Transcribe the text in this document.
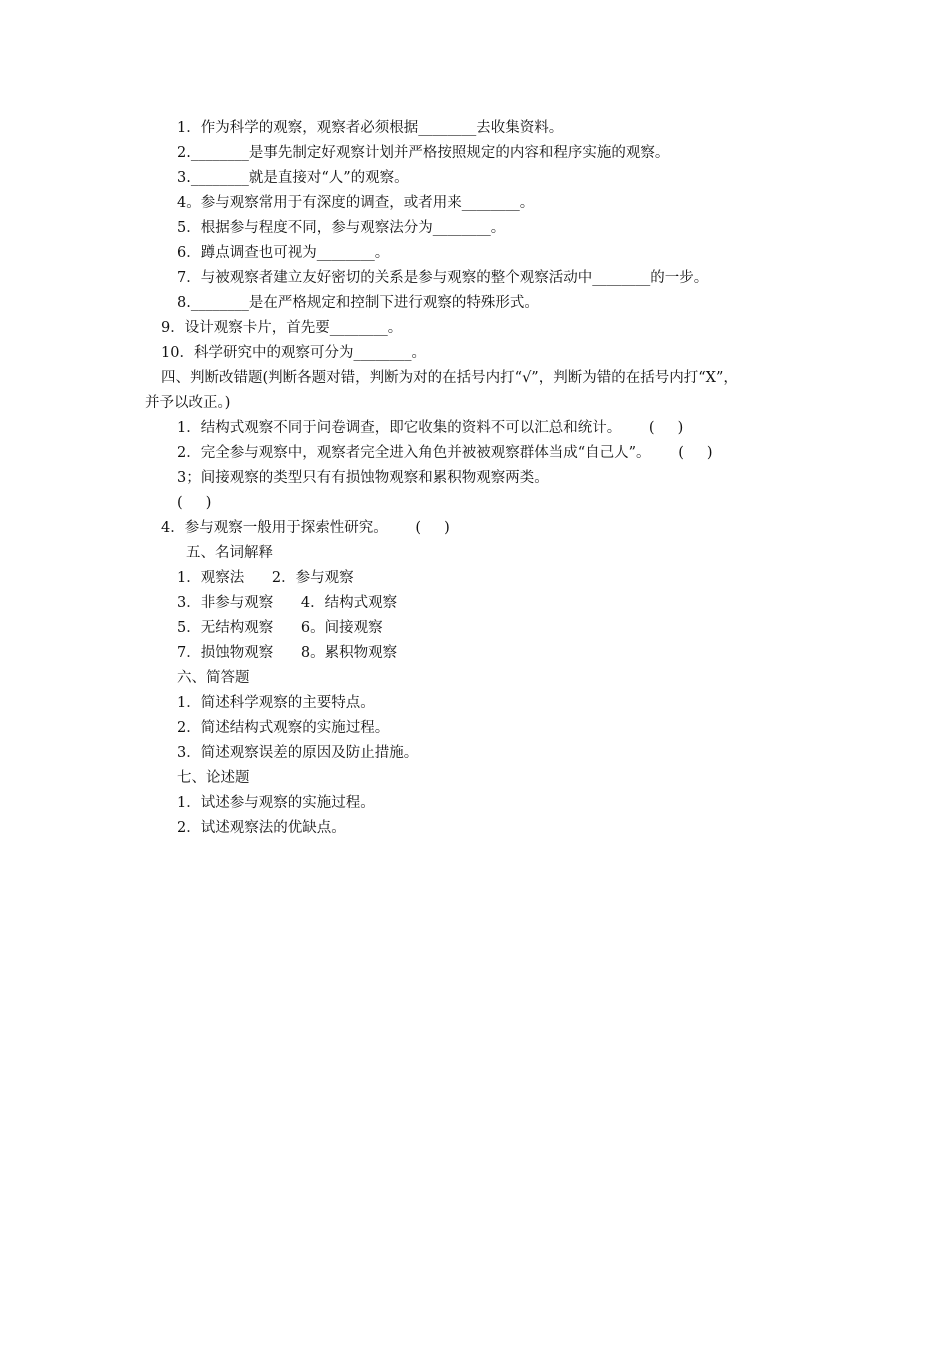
1．作为科学的观察，观察者必须根据________去收集资料。
2.________是事先制定好观察计划并严格按照规定的内容和程序实施的观察。
3.________就是直接对“人”的观察。
4。参与观察常用于有深度的调查，或者用来________。
5．根据参与程度不同，参与观察法分为________。
6．蹲点调查也可视为________。
7．与被观察者建立友好密切的关系是参与观察的整个观察活动中________的一步。
8.________是在严格规定和控制下进行观察的特殊形式。
9．设计观察卡片，首先要________。
10．科学研究中的观察可分为________。
四、判断改错题(判断各题对错，判断为对的在括号内打“√”，判断为错的在括号内打“X”，
并予以改正。)
1．结构式观察不同于问卷调查，即它收集的资料不可以汇总和统计。      (     )
2．完全参与观察中，观察者完全进入角色并被被观察群体当成“自己人”。      (     )
3；间接观察的类型只有有损蚀物观察和累积物观察两类。
(     )
4．参与观察一般用于探索性研究。      (     )
五、名词解释
1．观察法      2．参与观察
3．非参与观察      4．结构式观察
5．无结构观察      6。间接观察
7．损蚀物观察      8。累积物观察
六、简答题
1．简述科学观察的主要特点。
2．简述结构式观察的实施过程。
3．简述观察误差的原因及防止措施。
七、论述题
1．试述参与观察的实施过程。
2．试述观察法的优缺点。
